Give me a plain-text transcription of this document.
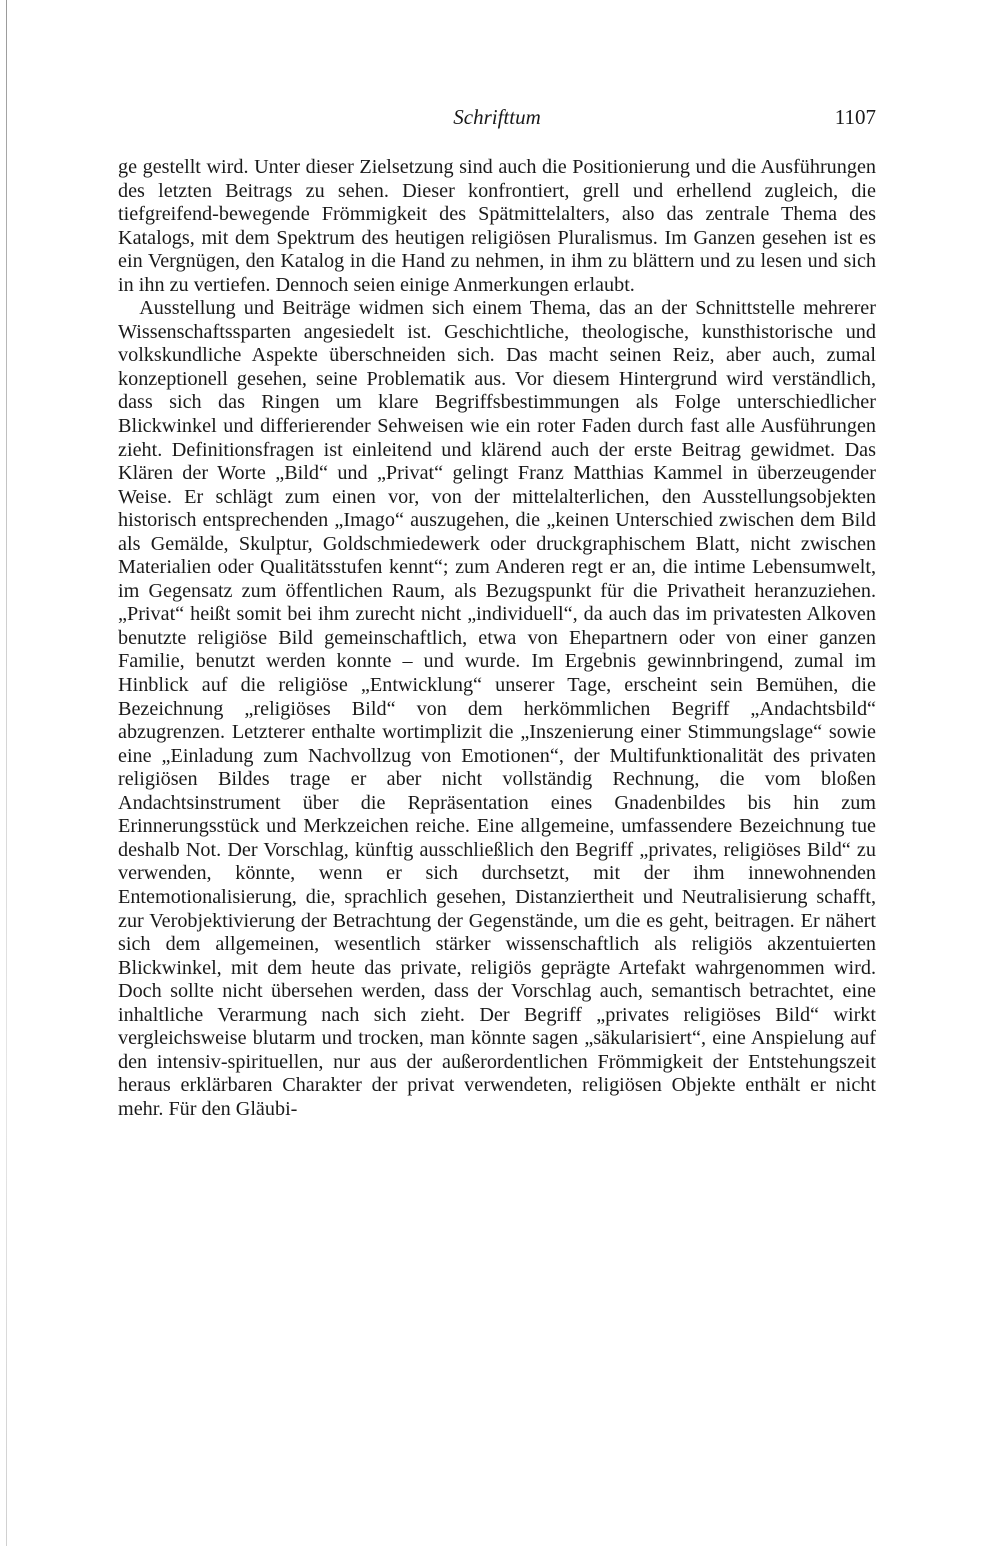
Schrifttum	1107

ge gestellt wird. Unter dieser Zielsetzung sind auch die Positionierung und die Ausführungen des letzten Beitrags zu sehen. Dieser konfrontiert, grell und erhellend zugleich, die tiefgreifend-bewegende Frömmigkeit des Spätmittelalters, also das zentrale Thema des Katalogs, mit dem Spektrum des heutigen religiösen Pluralismus. Im Ganzen gesehen ist es ein Vergnügen, den Katalog in die Hand zu nehmen, in ihm zu blättern und zu lesen und sich in ihn zu vertiefen. Dennoch seien einige Anmerkungen erlaubt.

Ausstellung und Beiträge widmen sich einem Thema, das an der Schnittstelle mehrerer Wissenschaftssparten angesiedelt ist. Geschichtliche, theologische, kunsthistorische und volkskundliche Aspekte überschneiden sich. Das macht seinen Reiz, aber auch, zumal konzeptionell gesehen, seine Problematik aus. Vor diesem Hintergrund wird verständlich, dass sich das Ringen um klare Begriffsbestimmungen als Folge unterschiedlicher Blickwinkel und differierender Sehweisen wie ein roter Faden durch fast alle Ausführungen zieht. Definitionsfragen ist einleitend und klärend auch der erste Beitrag gewidmet. Das Klären der Worte „Bild“ und „Privat“ gelingt Franz Matthias Kammel in überzeugender Weise. Er schlägt zum einen vor, von der mittelalterlichen, den Ausstellungsobjekten historisch entsprechenden „Imago“ auszugehen, die „keinen Unterschied zwischen dem Bild als Gemälde, Skulptur, Goldschmiedewerk oder druckgraphischem Blatt, nicht zwischen Materialien oder Qualitätsstufen kennt“; zum Anderen regt er an, die intime Lebensumwelt, im Gegensatz zum öffentlichen Raum, als Bezugspunkt für die Privatheit heranzuziehen. „Privat“ heißt somit bei ihm zurecht nicht „individuell“, da auch das im privatesten Alkoven benutzte religiöse Bild gemeinschaftlich, etwa von Ehepartnern oder von einer ganzen Familie, benutzt werden konnte – und wurde. Im Ergebnis gewinnbringend, zumal im Hinblick auf die religiöse „Entwicklung“ unserer Tage, erscheint sein Bemühen, die Bezeichnung „religiöses Bild“ von dem herkömmlichen Begriff „Andachtsbild“ abzugrenzen. Letzterer enthalte wortimplizit die „Inszenierung einer Stimmungslage“ sowie eine „Einladung zum Nachvollzug von Emotionen“, der Multifunktionalität des privaten religiösen Bildes trage er aber nicht vollständig Rechnung, die vom bloßen Andachtsinstrument über die Repräsentation eines Gnadenbildes bis hin zum Erinnerungsstück und Merkzeichen reiche. Eine allgemeine, umfassendere Bezeichnung tue deshalb Not. Der Vorschlag, künftig ausschließlich den Begriff „privates, religiöses Bild“ zu verwenden, könnte, wenn er sich durchsetzt, mit der ihm innewohnenden Entemotionalisierung, die, sprachlich gesehen, Distanziertheit und Neutralisierung schafft, zur Verobjektivierung der Betrachtung der Gegenstände, um die es geht, beitragen. Er nähert sich dem allgemeinen, wesentlich stärker wissenschaftlich als religiös akzentuierten Blickwinkel, mit dem heute das private, religiös geprägte Artefakt wahrgenommen wird. Doch sollte nicht übersehen werden, dass der Vorschlag auch, semantisch betrachtet, eine inhaltliche Verarmung nach sich zieht. Der Begriff „privates religiöses Bild“ wirkt vergleichsweise blutarm und trocken, man könnte sagen „säkularisiert“, eine Anspielung auf den intensiv-spirituellen, nur aus der außerordentlichen Frömmigkeit der Entstehungszeit heraus erklärbaren Charakter der privat verwendeten, religiösen Objekte enthält er nicht mehr. Für den Gläubi-
